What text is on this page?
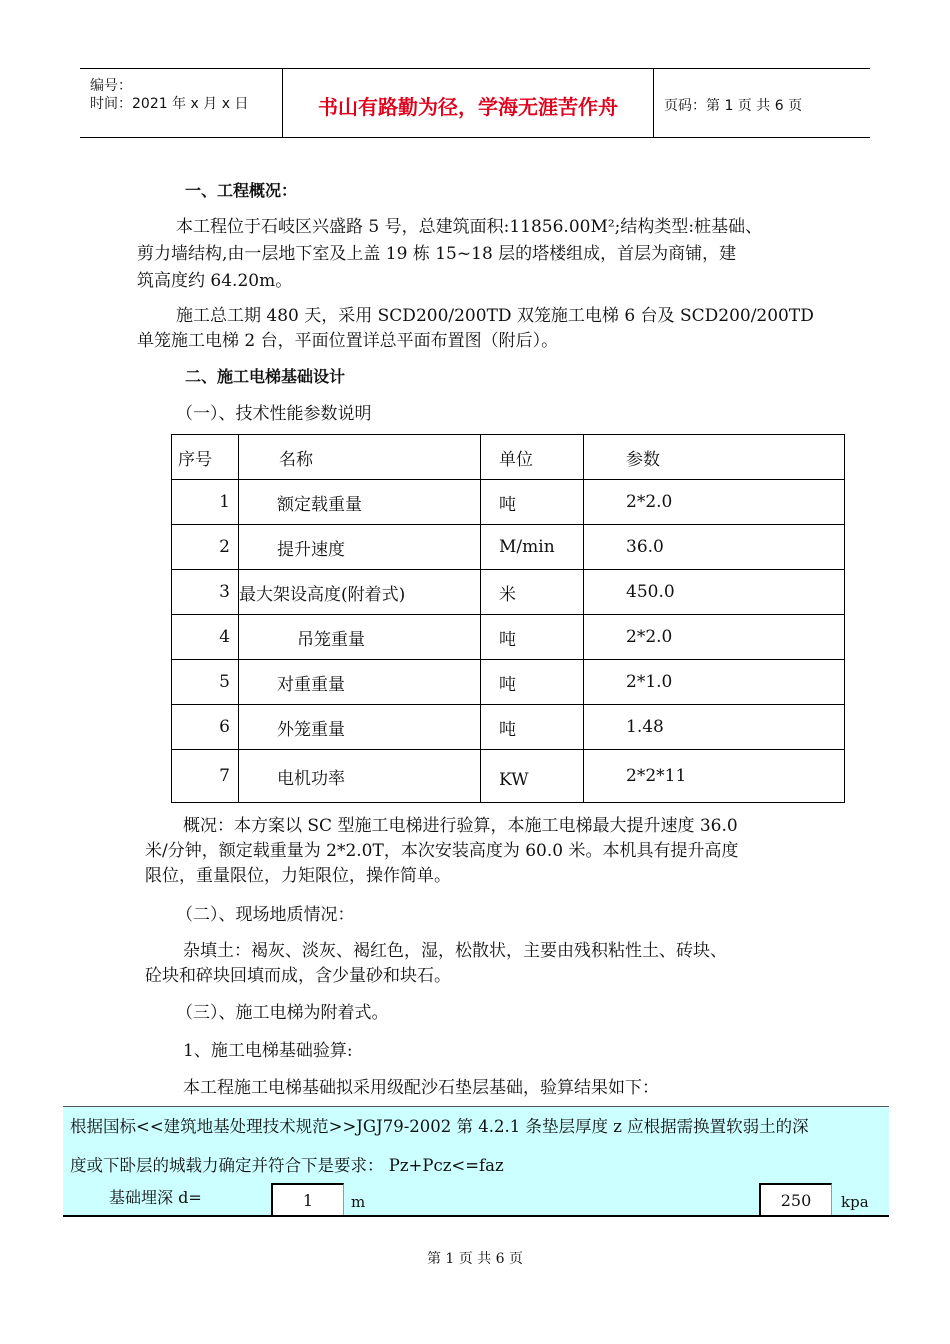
编号：
时间：2021 年 x 月 x 日	书山有路勤为径，学海无涯苦作舟	页码：第 1 页 共 6 页
一、工程概况：
本工程位于石岐区兴盛路 5 号，总建筑面积:11856.00M²;结构类型:桩基础、
剪力墙结构,由一层地下室及上盖 19 栋 15~18 层的塔楼组成，首层为商铺，建
筑高度约 64.20m。
施工总工期 480 天，采用 SCD200/200TD 双笼施工电梯 6 台及 SCD200/200TD
单笼施工电梯 2 台，平面位置详总平面布置图（附后）。
二、施工电梯基础设计
（一）、技术性能参数说明
序号	名称	单位	参数
1	额定载重量	吨	2*2.0
2	提升速度	M/min	36.0
3	最大架设高度(附着式)	米	450.0
4	吊笼重量	吨	2*2.0
5	对重重量	吨	2*1.0
6	外笼重量	吨	1.48
7	电机功率	KW	2*2*11
概况：本方案以 SC 型施工电梯进行验算，本施工电梯最大提升速度 36.0
米/分钟，额定载重量为 2*2.0T，本次安装高度为 60.0 米。本机具有提升高度
限位，重量限位，力矩限位，操作简单。
（二）、现场地质情况：
杂填土：褐灰、淡灰、褐红色，湿，松散状，主要由残积粘性土、砖块、
砼块和碎块回填而成，含少量砂和块石。
（三）、施工电梯为附着式。
1、施工电梯基础验算:
本工程施工电梯基础拟采用级配沙石垫层基础，验算结果如下：
根据国标<<建筑地基处理技术规范>>JGJ79-2002 第 4.2.1 条垫层厚度 z 应根据需换置软弱土的深
度或下卧层的城载力确定并符合下是要求： Pz+Pcz<=faz
基础埋深 d=	1	m	250	kpa
第 1 页 共 6 页
